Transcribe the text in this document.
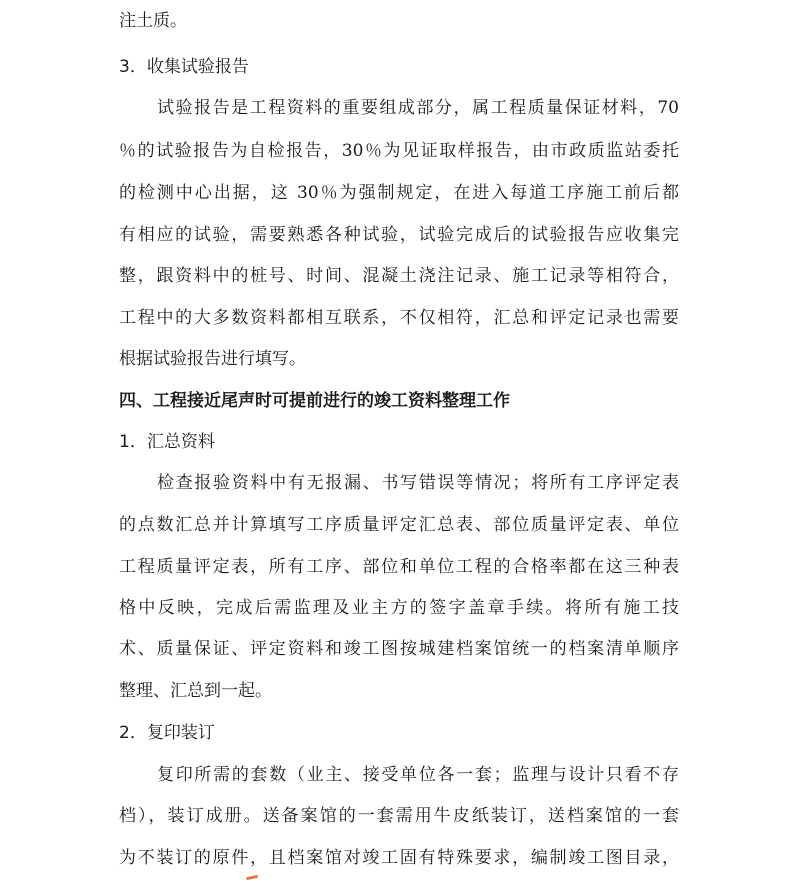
注土质。
3．收集试验报告
试验报告是工程资料的重要组成部分，属工程质量保证材料，70
％的试验报告为自检报告，30％为见证取样报告，由市政质监站委托
的检测中心出据，这 30％为强制规定，在进入每道工序施工前后都
有相应的试验，需要熟悉各种试验，试验完成后的试验报告应收集完
整，跟资料中的桩号、时间、混凝土浇注记录、施工记录等相符合，
工程中的大多数资料都相互联系，不仅相符，汇总和评定记录也需要
根据试验报告进行填写。
四、工程接近尾声时可提前进行的竣工资料整理工作
1．汇总资料
检查报验资料中有无报漏、书写错误等情况；将所有工序评定表
的点数汇总并计算填写工序质量评定汇总表、部位质量评定表、单位
工程质量评定表，所有工序、部位和单位工程的合格率都在这三种表
格中反映，完成后需监理及业主方的签字盖章手续。将所有施工技
术、质量保证、评定资料和竣工图按城建档案馆统一的档案清单顺序
整理、汇总到一起。
2．复印装订
复印所需的套数（业主、接受单位各一套；监理与设计只看不存
档），装订成册。送备案馆的一套需用牛皮纸装订，送档案馆的一套
为不装订的原件，且档案馆对竣工固有特殊要求，编制竣工图目录，
